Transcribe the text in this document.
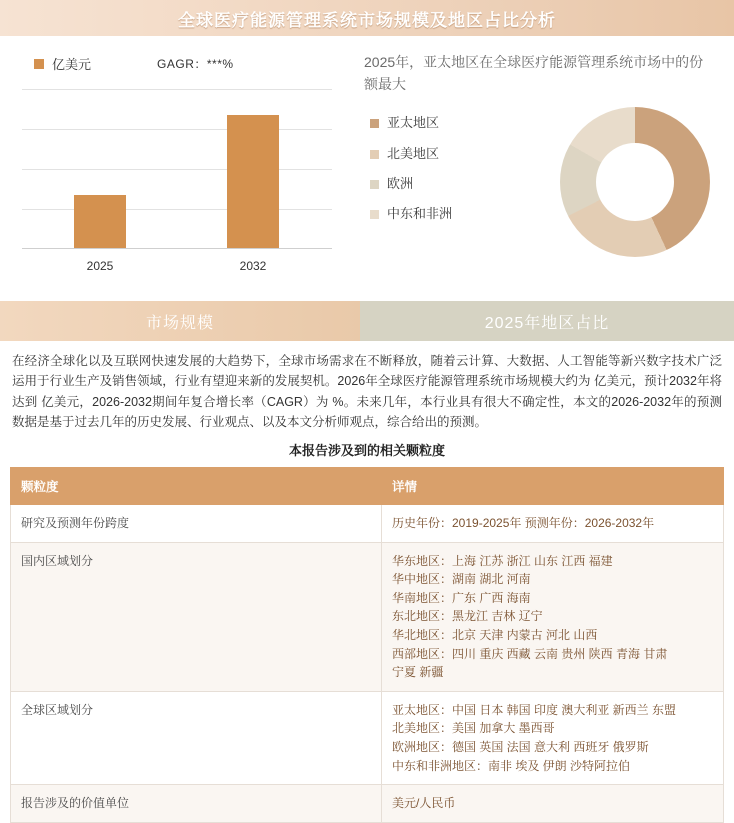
全球医疗能源管理系统市场规模及地区占比分析
亿美元	GAGR：***%
2025	2032
2025年，亚太地区在全球医疗能源管理系统市场中的份额最大
亚太地区
北美地区
欧洲
中东和非洲
市场规模	2025年地区占比
在经济全球化以及互联网快速发展的大趋势下，全球市场需求在不断释放，随着云计算、大数据、人工智能等新兴数字技术广泛运用于行业生产及销售领域，行业有望迎来新的发展契机。2026年全球医疗能源管理系统市场规模大约为 亿美元，预计2032年将达到 亿美元，2026-2032期间年复合增长率（CAGR）为 %。未来几年，本行业具有很大不确定性，本文的2026-2032年的预测数据是基于过去几年的历史发展、行业观点、以及本文分析师观点，综合给出的预测。
本报告涉及到的相关颗粒度
颗粒度	详情
研究及预测年份跨度	历史年份：2019-2025年 预测年份：2026-2032年

国内区域划分	华东地区：上海 江苏 浙江 山东 江西 福建
华中地区：湖南 湖北 河南
华南地区：广东 广西 海南
东北地区：黑龙江 吉林 辽宁
华北地区：北京 天津 内蒙古 河北 山西
西部地区：四川 重庆 西藏 云南 贵州 陕西 青海 甘肃
宁夏 新疆

全球区域划分	亚太地区：中国 日本 韩国 印度 澳大利亚 新西兰 东盟
北美地区：美国 加拿大 墨西哥
欧洲地区：德国 英国 法国 意大利 西班牙 俄罗斯
中东和非洲地区：南非 埃及 伊朗 沙特阿拉伯

报告涉及的价值单位	美元/人民币
